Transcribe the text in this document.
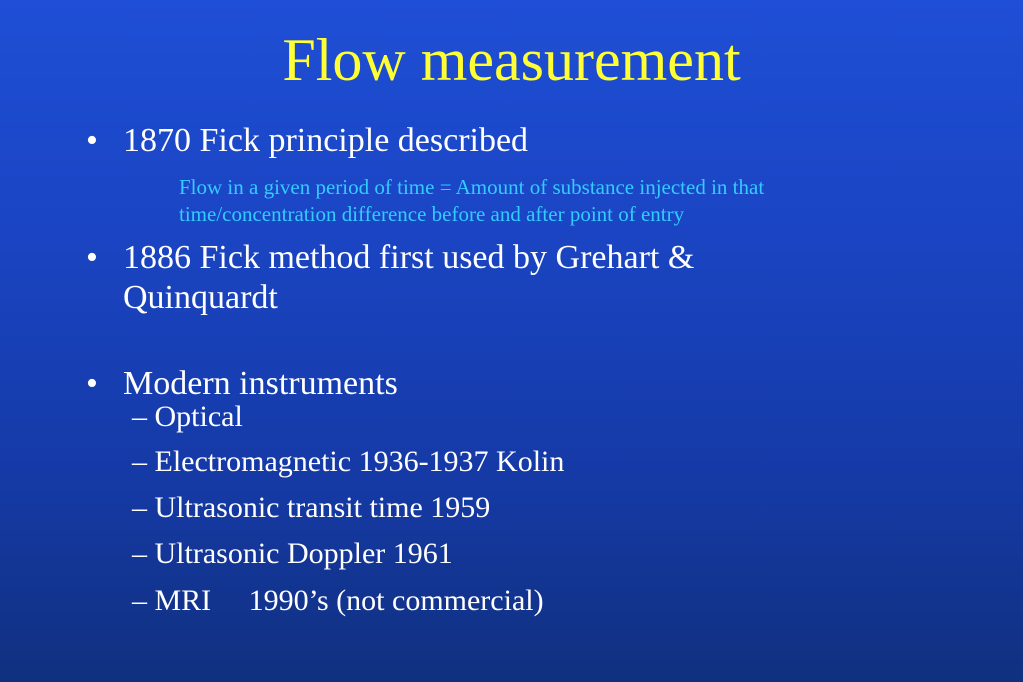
Flow measurement
• 1870 Fick principle described
Flow in a given period of time = Amount of substance injected in that
time/concentration difference before and after point of entry
• 1886 Fick method first used by Grehart &
Quinquardt
• Modern instruments
– Optical
– Electromagnetic 1936-1937 Kolin
– Ultrasonic transit time 1959
– Ultrasonic Doppler 1961
– MRI     1990’s (not commercial)
